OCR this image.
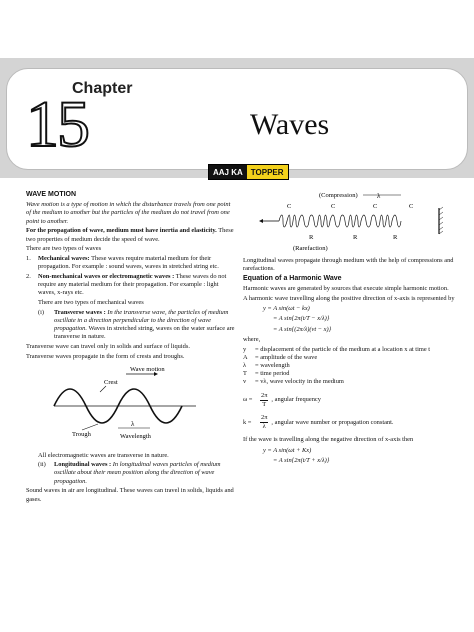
Chapter
15	Waves
AAJ KA	TOPPER
WAVE MOTION

Wave motion is a type of motion in which the disturbance travels from one point of the medium to another but the particles of the medium do not travel from one point to another.

For the propagation of wave, medium must have inertia and elasticity. These two properties of medium decide the speed of wave.

There are two types of waves

1.	Mechanical waves: These waves require material medium for their propagation. For example : sound waves, waves in stretched string etc.
2.	Non-mechanical waves or electromagnetic waves : These waves do not require any material medium for their propagation. For example : light waves, x-rays etc.

There are two types of mechanical waves

(i)	Transverse waves : In the transverse wave, the particles of medium oscillate in a direction perpendicular to the direction of wave propagation. Waves in stretched string, waves on the water surface are transverse in nature.

Transverse wave can travel only in solids and surface of liquids.

Transverse waves propagate in the form of crests and troughs.

Wave motion
Crest
Trough
λ
Wavelength

All electromagnetic waves are transverse in nature.

(ii)	Longitudinal waves : In longitudinal waves particles of medium oscillate about their mean position along the direction of wave propagation.

Sound waves in air are longitudinal. These waves can travel in solids, liquids and gases.

(Compression)	λ
C	C	C	C
R	R	R
(Rarefaction)

Longitudinal waves propagate through medium with the help of compressions and rarefactions.

Equation of a Harmonic Wave

Harmonic waves are generated by sources that execute simple harmonic motion.

A harmonic wave travelling along the positive direction of x-axis is represented by

y = A sin(ωt − kx)
= A sin{2π(t/T − x/λ)}
= A sin{(2π/λ)(vt − x)}

where,

y	= displacement of the particle of the medium at a location x at time t
A	= amplitude of the wave
λ	= wavelength
T	= time period
v	= vλ, wave velocity in the medium
ω =	$\frac{2\pi}{T}$ , angular frequency
k =	$\frac{2\pi}{\lambda}$ , angular wave number or propagation constant.

If the wave is travelling along the negative direction of x-axis then

y = A sin(ωt + Kx)
= A sin{2π(t/T + x/λ)}
